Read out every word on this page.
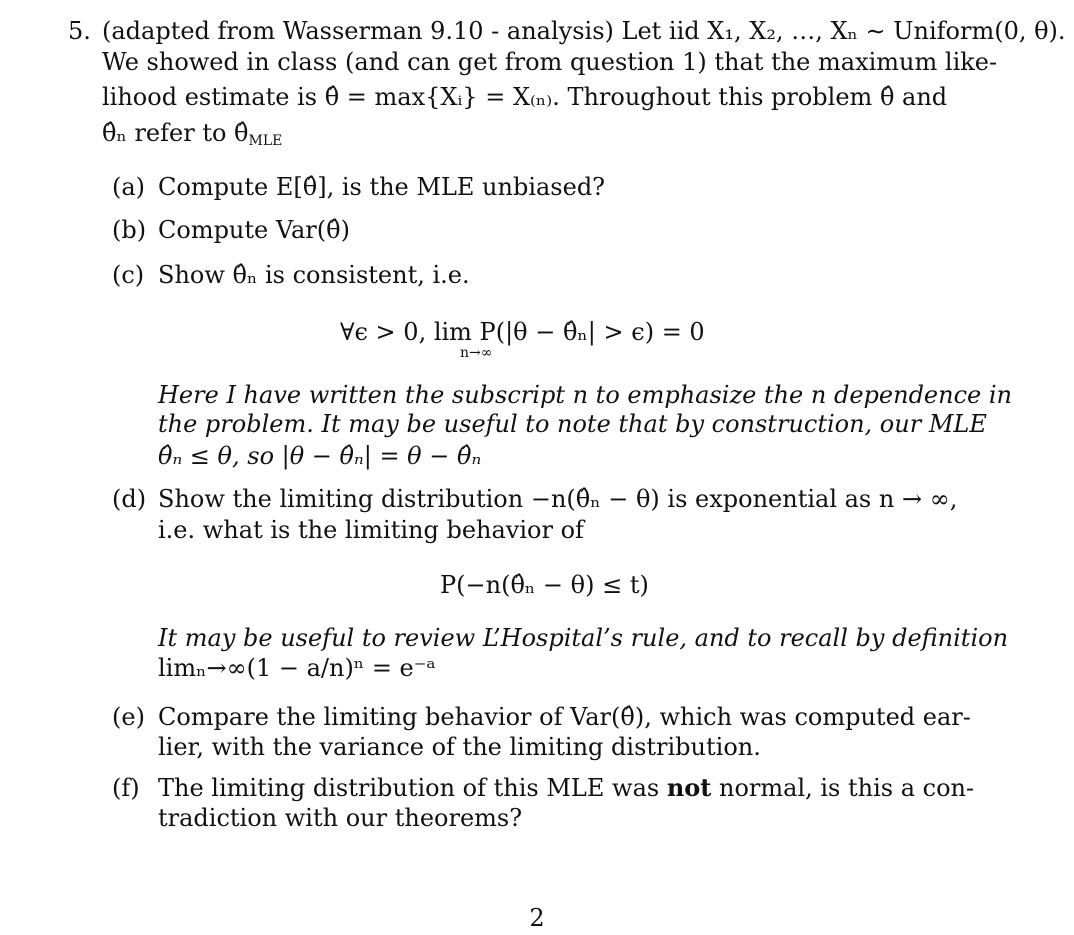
5. (adapted from Wasserman 9.10 - analysis) Let iid X₁, X₂, …, Xₙ ∼ Uniform(0, θ).
We showed in class (and can get from question 1) that the maximum like-
lihood estimate is θ̂ = max{Xᵢ} = X₍ₙ₎. Throughout this problem θ̂ and
θ̂ₙ refer to θ̂MLE
(a) Compute E[θ̂], is the MLE unbiased?
(b) Compute Var(θ̂)
(c) Show θ̂ₙ is consistent, i.e.
∀ϵ > 0, lim P(|θ − θ̂ₙ| > ϵ) = 0
n→∞
Here I have written the subscript n to emphasize the n dependence in
the problem. It may be useful to note that by construction, our MLE
θ̂ₙ ≤ θ, so |θ − θ̂ₙ| = θ − θ̂ₙ
(d) Show the limiting distribution −n(θ̂ₙ − θ) is exponential as n → ∞,
i.e. what is the limiting behavior of
P(−n(θ̂ₙ − θ) ≤ t)
It may be useful to review L’Hospital’s rule, and to recall by definition
limₙ→∞(1 − a/n)ⁿ = e⁻ᵃ
(e) Compare the limiting behavior of Var(θ̂), which was computed ear-
lier, with the variance of the limiting distribution.
(f) The limiting distribution of this MLE was not normal, is this a con-
tradiction with our theorems?
2
